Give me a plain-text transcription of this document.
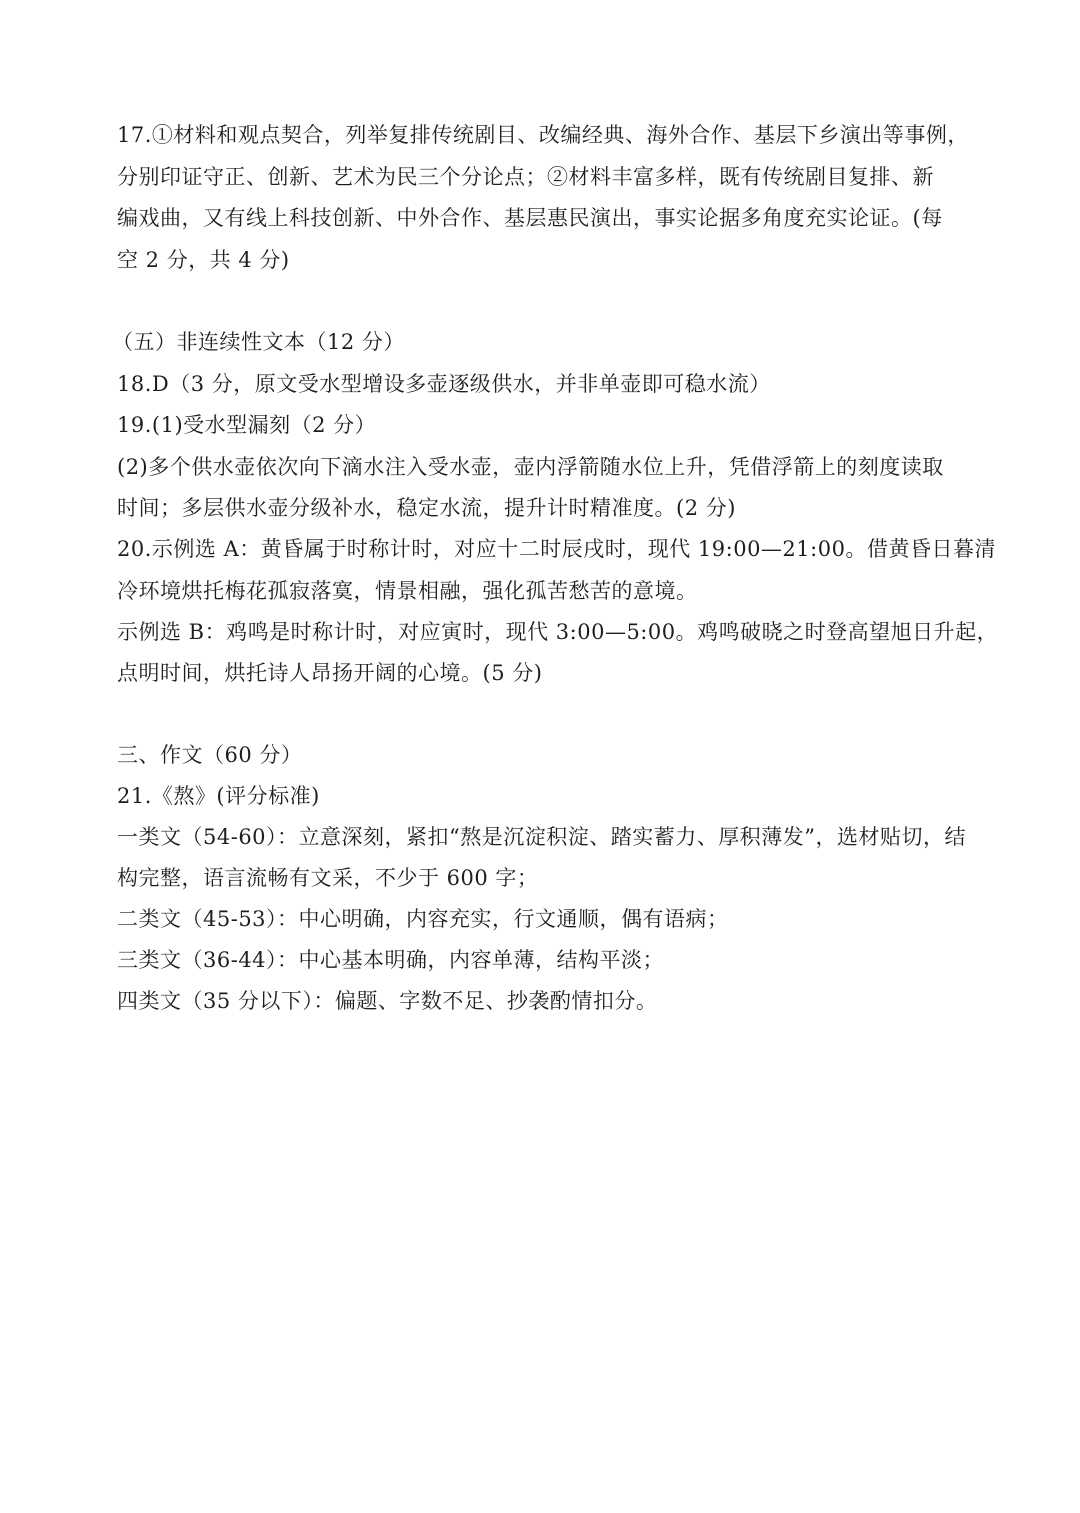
17.①材料和观点契合，列举复排传统剧目、改编经典、海外合作、基层下乡演出等事例，
分别印证守正、创新、艺术为民三个分论点；②材料丰富多样，既有传统剧目复排、新
编戏曲，又有线上科技创新、中外合作、基层惠民演出，事实论据多角度充实论证。(每
空 2 分，共 4 分)
（五）非连续性文本（12 分）
18.D（3 分，原文受水型增设多壶逐级供水，并非单壶即可稳水流）
19.(1)受水型漏刻（2 分）
(2)多个供水壶依次向下滴水注入受水壶，壶内浮箭随水位上升，凭借浮箭上的刻度读取
时间；多层供水壶分级补水，稳定水流，提升计时精准度。(2 分)
20.示例选 A：黄昏属于时称计时，对应十二时辰戌时，现代 19:00—21:00。借黄昏日暮清
冷环境烘托梅花孤寂落寞，情景相融，强化孤苦愁苦的意境。
示例选 B：鸡鸣是时称计时，对应寅时，现代 3:00—5:00。鸡鸣破晓之时登高望旭日升起，
点明时间，烘托诗人昂扬开阔的心境。(5 分)
三、作文（60 分）
21.《熬》(评分标准)
一类文（54-60）：立意深刻，紧扣“熬是沉淀积淀、踏实蓄力、厚积薄发”，选材贴切，结
构完整，语言流畅有文采，不少于 600 字；
二类文（45-53）：中心明确，内容充实，行文通顺，偶有语病；
三类文（36-44）：中心基本明确，内容单薄，结构平淡；
四类文（35 分以下）：偏题、字数不足、抄袭酌情扣分。
